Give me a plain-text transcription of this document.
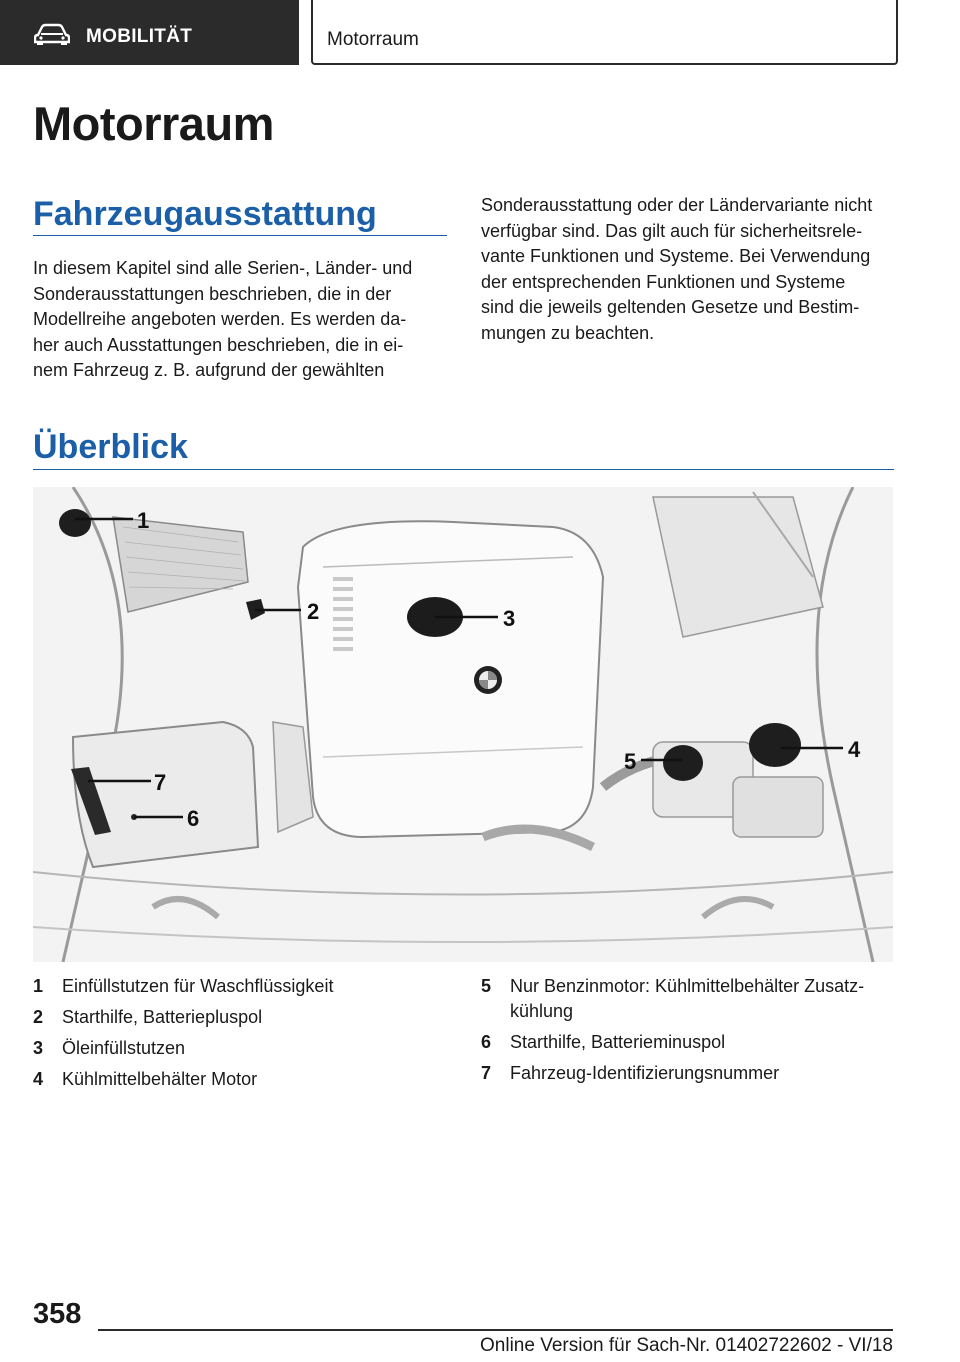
MOBILITÄT	Motorraum
Motorraum
Fahrzeugausstattung
In diesem Kapitel sind alle Serien-, Länder- und
Sonderausstattungen beschrieben, die in der
Modellreihe angeboten werden. Es werden da-
her auch Ausstattungen beschrieben, die in ei-
nem Fahrzeug z. B. aufgrund der gewählten
Sonderausstattung oder der Ländervariante nicht
verfügbar sind. Das gilt auch für sicherheitsrele-
vante Funktionen und Systeme. Bei Verwendung
der entsprechenden Funktionen und Systeme
sind die jeweils geltenden Gesetze und Bestim-
mungen zu beachten.
Überblick
1
2	3
4
5
6
7
1 Einfüllstutzen für Waschflüssigkeit
2 Starthilfe, Batteriepluspol
3 Öleinfüllstutzen
4 Kühlmittelbehälter Motor
5 Nur Benzinmotor: Kühlmittelbehälter Zusatz-
kühlung
6 Starthilfe, Batterieminuspol
7 Fahrzeug-Identifizierungsnummer
358
Online Version für Sach-Nr. 01402722602 - VI/18
